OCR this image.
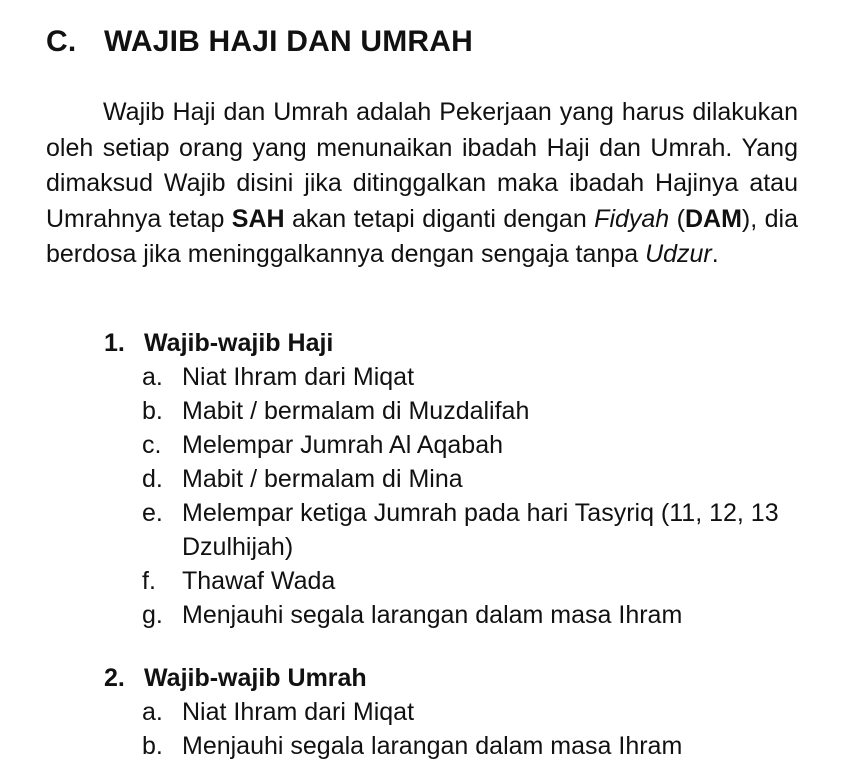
C. WAJIB HAJI DAN UMRAH

Wajib Haji dan Umrah adalah Pekerjaan yang harus dilakukan oleh setiap orang yang menunaikan ibadah Haji dan Umrah. Yang dimaksud Wajib disini jika ditinggalkan maka ibadah Hajinya atau Umrahnya tetap SAH akan tetapi diganti dengan Fidyah (DAM), dia berdosa jika meninggalkannya dengan sengaja tanpa Udzur.

1. Wajib-wajib Haji
a. Niat Ihram dari Miqat
b. Mabit / bermalam di Muzdalifah
c. Melempar Jumrah Al Aqabah
d. Mabit / bermalam di Mina
e. Melempar ketiga Jumrah pada hari Tasyriq (11, 12, 13 Dzulhijah)
f.	Thawaf Wada
g. Menjauhi segala larangan dalam masa Ihram
2. Wajib-wajib Umrah
a. Niat Ihram dari Miqat
b. Menjauhi segala larangan dalam masa Ihram
